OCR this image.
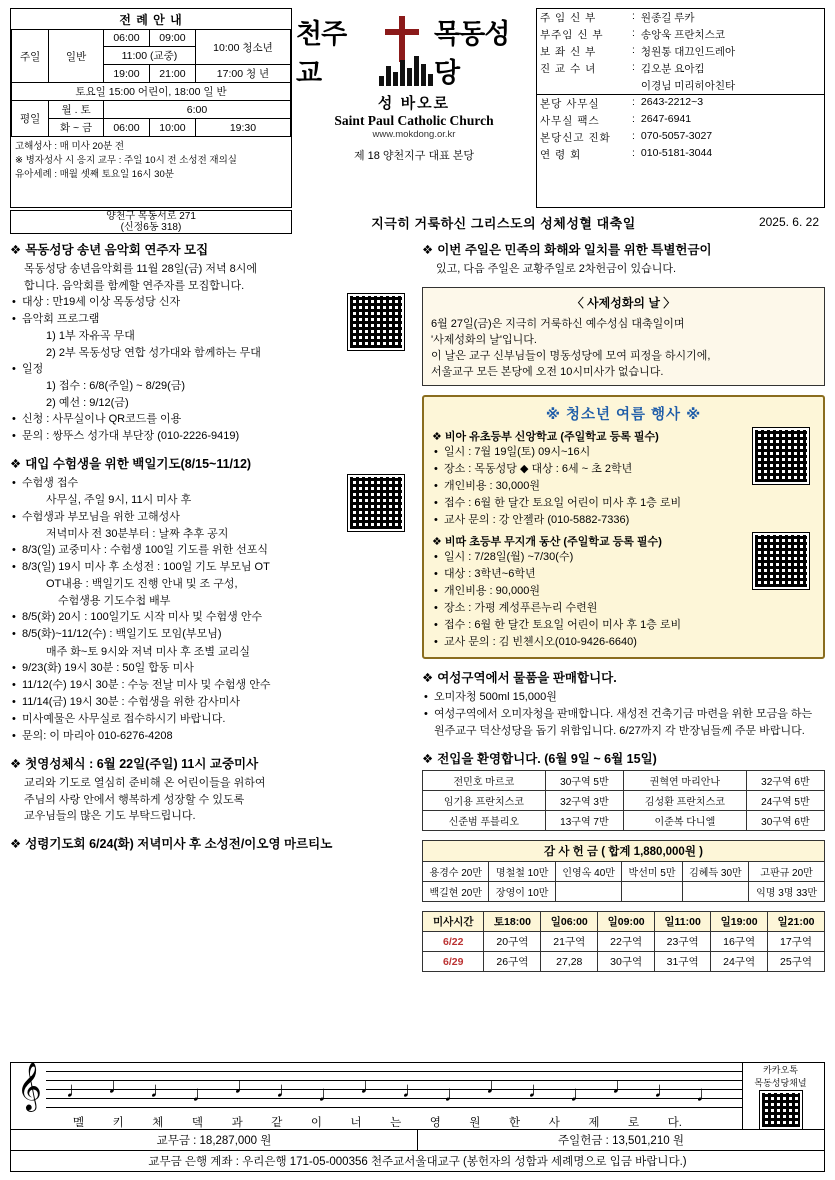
전 례 안 내
주일	일반	06:00	09:00	10:00 청소년
		11:00 (교중)		
		19:00	21:00	17:00 청 년
토요일 15:00 어린이, 18:00 일 반				
평일	월 . 토	6:00		
	화 ~ 금	06:00	10:00	19:30
고해성사 : 매 미사 20분 전
※ 병자성사 시 응지 교무 : 주일 10시 전 소성전 재의실
유아세례 : 매월 셋째 토요일 16시 30분
천주교
목동성당
성 바오로
Saint Paul Catholic Church
www.mokdong.or.kr
제 18 양천지구 대표 본당
주 임 신 부	:	원종길 루카
부주임 신 부	:	송앙욱 프란치스코
보 좌 신 부	:	청원통 대끄인드레아
진 교 수 녀	:	김오분 요아킴
		이경님 미리히아친타
본당 사무실	:	2643-2212~3
사무실 팩스	:	2647-6941
본당신고 진화	:	070-5057-3027
연 령 회	:	010-5181-3044
양천구 목동서로 271
(신정6동 318)	지극히 거룩하신 그리스도의 성체성혈 대축일	2025. 6. 22
❖ 목동성당 송년 음악회 연주자 모집
목동성당 송년음악회를 11월 28일(금) 저녁 8시에
합니다. 음악회를 함께할 연주자를 모집합니다.
• 대상 : 만19세 이상 목동성당 신자
• 음악회 프로그램
1) 1부 자유곡 무대
2) 2부 목동성당 연합 성가대와 함께하는 무대
• 일정
1) 접수 : 6/8(주일) ~ 8/29(금)
2) 예선 : 9/12(금)
• 신청 : 사무실이나 QR코드를 이용
• 문의 : 쌍뚜스 성가대 부단장 (010-2226-9419)
❖ 대입 수험생을 위한 백일기도(8/15~11/12)
• 수험생 접수
사무실, 주일 9시, 11시 미사 후
• 수험생과 부모님을 위한 고해성사
저녁미사 전 30분부터 : 날짜 추후 공지
• 8/3(일) 교중미사 : 수험생 100일 기도를 위한 선포식
• 8/3(일) 19시 미사 후 소성전 : 100일 기도 부모님 OT
OT내용 : 백일기도 진행 안내 및 조 구성,
수험생용 기도수첩 배부
• 8/5(화) 20시 : 100일기도 시작 미사 및 수험생 안수
• 8/5(화)~11/12(수) : 백일기도 모임(부모님)
매주 화~토 9시와 저녁 미사 후 조별 교리실
• 9/23(화) 19시 30분 : 50일 합동 미사
• 11/12(수) 19시 30분 : 수능 전날 미사 및 수험생 안수
• 11/14(금) 19시 30분 : 수험생을 위한 감사미사
• 미사예물은 사무실로 접수하시기 바랍니다.
• 문의: 이 마리아 010-6276-4208
❖ 첫영성체식 : 6월 22일(주일) 11시 교중미사
교리와 기도로 열심히 준비해 온 어린이들을 위하여
주님의 사랑 안에서 행복하게 성장할 수 있도록
교우님들의 많은 기도 부탁드립니다.
❖ 성령기도회 6/24(화) 저녁미사 후 소성전/이오영 마르티노
❖ 이번 주일은 민족의 화해와 일치를 위한 특별헌금이
있고, 다음 주일은 교황주일로 2차헌금이 있습니다.
〈 사제성화의 날 〉
6월 27일(금)은 지극히 거룩하신 예수성심 대축일이며
'사제성화의 날'입니다.
이 날은 교구 신부님들이 명동성당에 모여 피정을 하시기에,
서울교구 모든 본당에 오전 10시미사가 없습니다.
※ 청소년 여름 행사 ※
❖ 비아 유초등부 신앙학교 (주일학교 등록 필수)
• 일시 : 7월 19일(토) 09시~16시
• 장소 : 목동성당 ◆ 대상 : 6세 ~ 초 2학년
• 개인비용 : 30,000원
• 접수 : 6월 한 달간 토요일 어린이 미사 후 1층 로비
• 교사 문의 : 강 안젤라 (010-5882-7336)
❖ 비따 초등부 무지개 동산 (주일학교 등록 필수)
• 일시 : 7/28일(월) ~7/30(수)
• 대상 : 3학년~6학년
• 개인비용 : 90,000원
• 장소 : 가평 계성푸른누리 수련원
• 접수 : 6월 한 달간 토요일 어린이 미사 후 1층 로비
• 교사 문의 : 김 빈첸시오(010-9426-6640)
❖ 여성구역에서 물품을 판매합니다.
• 오미자청 500ml 15,000원
• 여성구역에서 오미자청을 판매합니다. 새성전 건축기금 마련을 위한 모금을 하는 원주교구 덕산성당을 돕기 위함입니다. 6/27까지 각 반장님들께 주문 바랍니다.
❖ 전입을 환영합니다. (6월 9일 ~ 6월 15일)
전민호 마르코	30구역 5반	권혁연 마리안나	32구역 6반
임기용 프란치스코	32구역 3반	김성환 프란치스코	24구역 5반
신준범 푸블리오	13구역 7반	이준복 다니엘	30구역 6반
감 사 헌 금 ( 합계 1,880,000원 )					
용경수 20만	명철철 10만	인영옥 40만	박선미 5만	김혜득 30만	고판규 20만
백길현 20만	장영이 10만				익명 3명 33만
미사시간	토18:00	일06:00	일09:00	일11:00	일19:00	일21:00
6/22	20구역	21구역	22구역	23구역	16구역	17구역
6/29	26구역	27,28	30구역	31구역	24구역	25구역
𝄞 ♩ ♩ ♩ ♩ ♩ ♩ ♩ ♩ ♩ ♩ ♩ ♩ ♩ ♩ ♩ ♩
멜 키 체 덱 과 같 이 너 는 영 원 한 사 제 로 다.
카카오톡
목동성당채널
교무금 : 18,287,000 원	주일헌금 : 13,501,210 원
교무금 은행 계좌 : 우리은행 171-05-000356 천주교서울대교구 (봉헌자의 성함과 세례명으로 입금 바랍니다.)
